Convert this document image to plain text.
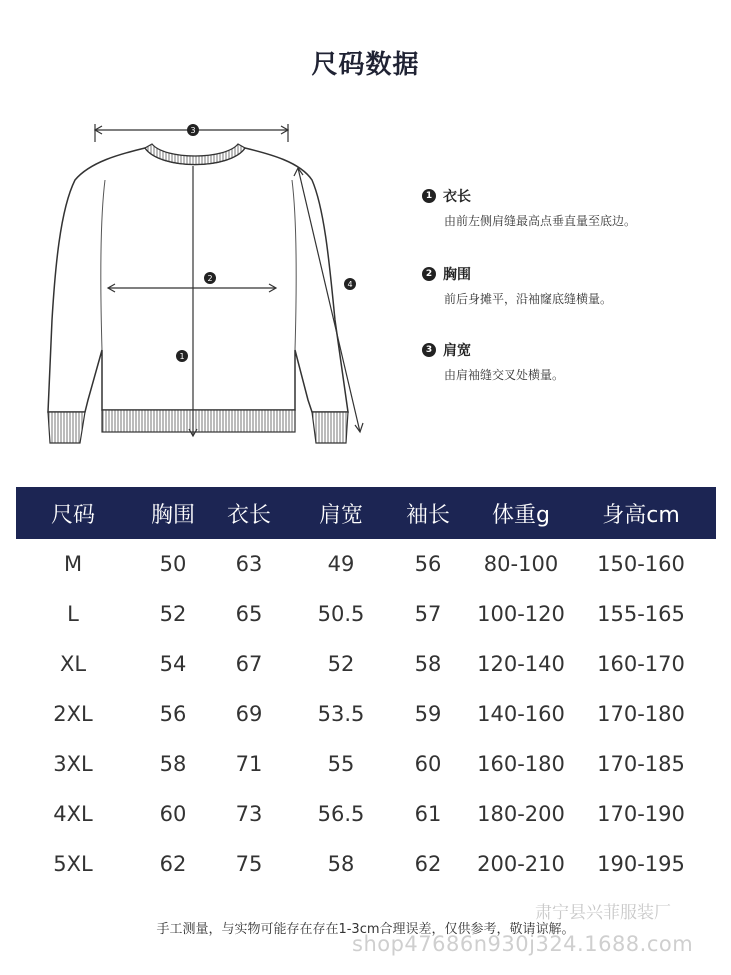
尺码数据
3
2
1
4
1 衣长
由前左侧肩缝最高点垂直量至底边。
2 胸围
前后身摊平，沿袖窿底缝横量。
3 肩宽
由肩袖缝交叉处横量。
尺码	胸围	衣长	肩宽	袖长	体重g	身高cm
M	50	63	49	56	80-100	150-160
L	52	65	50.5	57	100-120	155-165
XL	54	67	52	58	120-140	160-170
2XL	56	69	53.5	59	140-160	170-180
3XL	58	71	55	60	160-180	170-185
4XL	60	73	56.5	61	180-200	170-190
5XL	62	75	58	62	200-210	190-195
手工测量，与实物可能存在存在1-3cm合理误差，仅供参考，敬请谅解。
肃宁县兴菲服装厂
shop47686n930j324.1688.com
